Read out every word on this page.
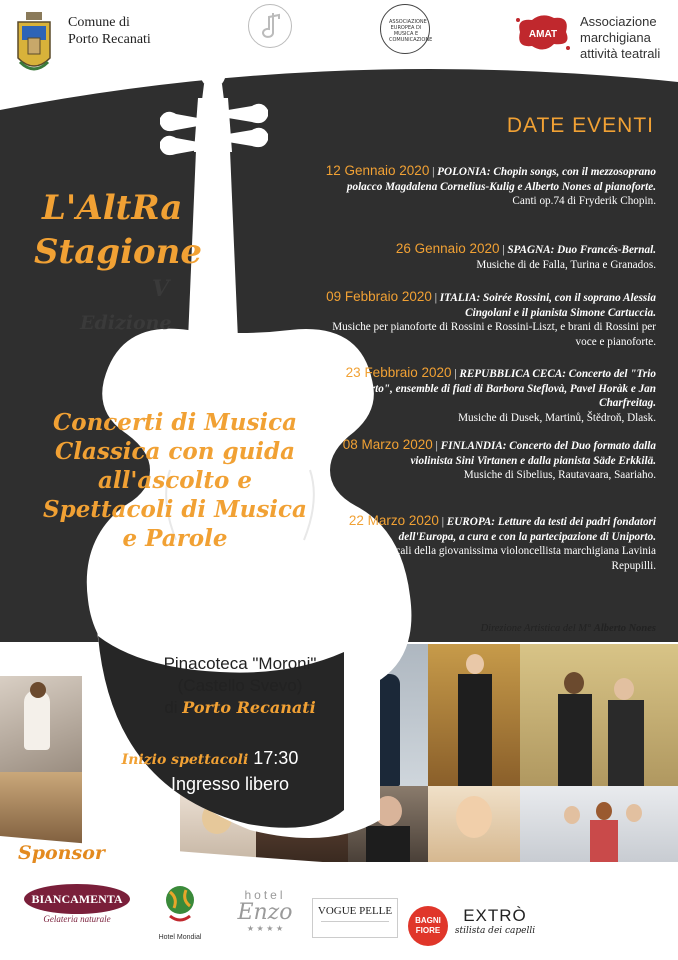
Comune di
Porto Recanati
ASSOCIAZIONE EUROPEA DI MUSICA E COMUNICAZIONE	AMAT
Associazione
marchigiana
attività teatrali
L'AltRa
Stagione
V
Edizione
Concerti di Musica Classica con guida all'ascolto e Spettacoli di Musica e Parole
DATE EVENTI
12 Gennaio 2020 | POLONIA: Chopin songs, con il mezzosoprano polacco Magdalena Cornelius-Kulig e Alberto Nones al pianoforte.
Canti op.74 di Fryderik Chopin.
26 Gennaio 2020 | SPAGNA: Duo Francés-Bernal.
Musiche di de Falla, Turina e Granados.
09 Febbraio 2020 | ITALIA: Soirée Rossini, con il soprano Alessia Cingolani e il pianista Simone Cartuccia.
Musiche per pianoforte di Rossini e Rossini-Liszt, e brani di Rossini per voce e pianoforte.
23 Febbraio 2020 | REPUBBLICA CECA: Concerto del "Trio Aperto", ensemble di fiati di Barbora Steflovà, Pavel Horàk e Jan Charfreitag.
Musiche di Dusek, Martinů, Štědroň, Dlask.
08 Marzo 2020 | FINLANDIA: Concerto del Duo formato dalla violinista Sini Virtanen e dalla pianista Säde Erkkilä.
Musiche di Sibelius, Rautavaara, Saariaho.
22 Marzo 2020 | EUROPA: Letture da testi dei padri fondatori dell'Europa, a cura e con la partecipazione di Uniporto.
Interventi musicali della giovanissima violoncellista marchigiana Lavinia Repupilli.
Direzione Artistica del M° Alberto Nones
Pinacoteca "Moroni"
(Castello Svevo)
di Porto Recanati
Inizio spettacoli 17:30
Ingresso libero
Sponsor
BIANCAMENTA
Gelateria naturale
Hotel Mondial
hotel
Enzo
★ ★ ★ ★
VOGUE PELLE
BAGNI
FIORE
EXTRÒ
stilista dei capelli
